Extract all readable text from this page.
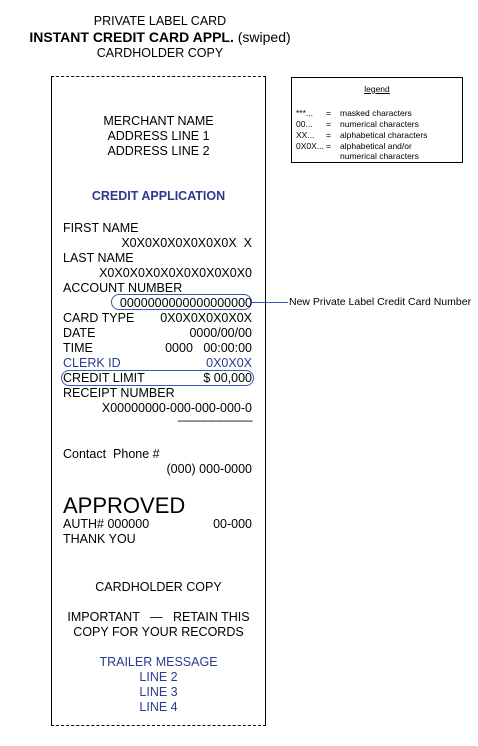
PRIVATE LABEL CARD
INSTANT CREDIT CARD APPL. (swiped)
CARDHOLDER COPY
MERCHANT NAME
ADDRESS LINE 1
ADDRESS LINE 2
CREDIT APPLICATION
FIRST NAME
X0X0X0X0X0X0X0X  X
LAST NAME
X0X0X0X0X0X0X0X0X0X0
ACCOUNT NUMBER
0000000000000000000
CARD TYPE 0X0X0X0X0X0X
DATE	0000/00/00
TIME	0000   00:00:00
CLERK ID	0X0X0X
CREDIT LIMIT	$ 00,000
RECEIPT NUMBER
X00000000-000-000-000-0
----------------------------
Contact  Phone #
(000) 000-0000
APPROVED
AUTH# 000000	00-000
THANK YOU
CARDHOLDER COPY
IMPORTANT   —   RETAIN THIS
COPY FOR YOUR RECORDS
TRAILER MESSAGE
LINE 2
LINE 3
LINE 4
New Private Label Credit Card Number
legend
***... = masked characters
00... = numerical characters
XX... = alphabetical characters
0X0X... = alphabetical and/or
numerical characters
